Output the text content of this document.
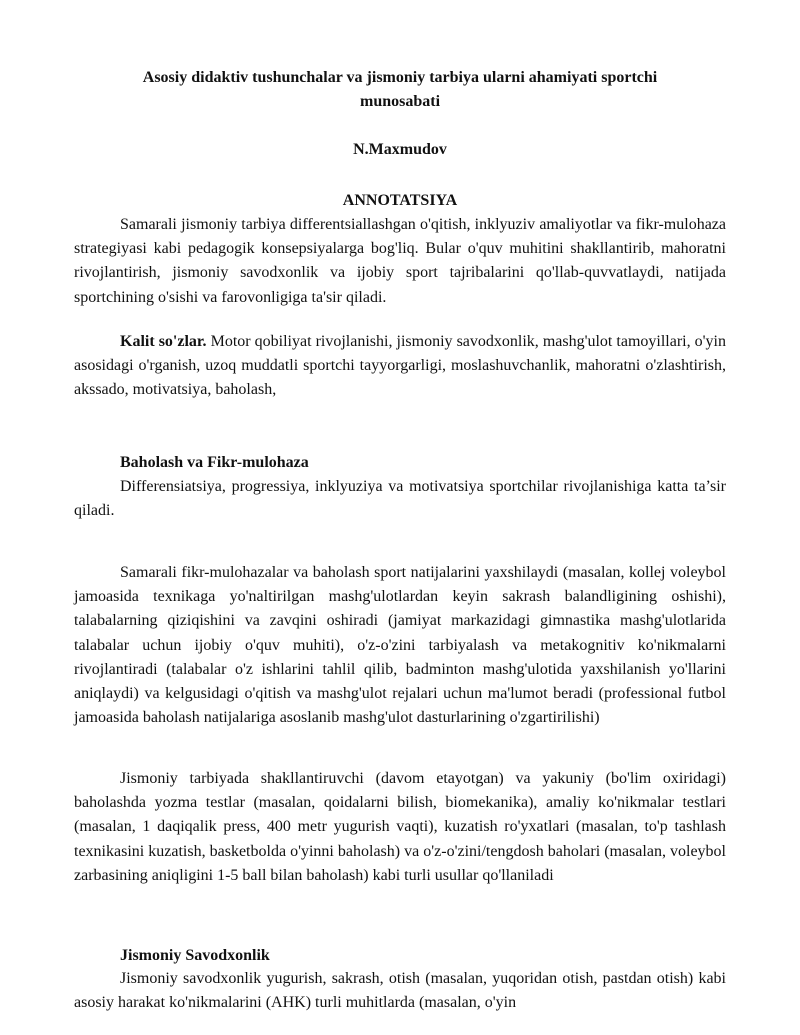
Asosiy didaktiv tushunchalar va jismoniy tarbiya ularni ahamiyati sportchi
munosabati
N.Maxmudov
ANNOTATSIYA

Samarali jismoniy tarbiya differentsiallashgan o'qitish, inklyuziv amaliyotlar va fikr-mulohaza strategiyasi kabi pedagogik konsepsiyalarga bog'liq. Bular o'quv muhitini shakllantirib, mahoratni rivojlantirish, jismoniy savodxonlik va ijobiy sport tajribalarini qo'llab-quvvatlaydi, natijada sportchining o'sishi va farovonligiga ta'sir qiladi.

Kalit so'zlar. Motor qobiliyat rivojlanishi, jismoniy savodxonlik, mashg'ulot tamoyillari, o'yin asosidagi o'rganish, uzoq muddatli sportchi tayyorgarligi, moslashuvchanlik, mahoratni o'zlashtirish, akssado, motivatsiya, baholash,

Baholash va Fikr-mulohaza

Differensiatsiya, progressiya, inklyuziya va motivatsiya sportchilar rivojlanishiga katta ta’sir qiladi.

Samarali fikr-mulohazalar va baholash sport natijalarini yaxshilaydi (masalan, kollej voleybol jamoasida texnikaga yo'naltirilgan mashg'ulotlardan keyin sakrash balandligining oshishi), talabalarning qiziqishini va zavqini oshiradi (jamiyat markazidagi gimnastika mashg'ulotlarida talabalar uchun ijobiy o'quv muhiti), o'z-o'zini tarbiyalash va metakognitiv ko'nikmalarni rivojlantiradi (talabalar o'z ishlarini tahlil qilib, badminton mashg'ulotida yaxshilanish yo'llarini aniqlaydi) va kelgusidagi o'qitish va mashg'ulot rejalari uchun ma'lumot beradi (professional futbol jamoasida baholash natijalariga asoslanib mashg'ulot dasturlarining o'zgartirilishi)

Jismoniy tarbiyada shakllantiruvchi (davom etayotgan) va yakuniy (bo'lim oxiridagi) baholashda yozma testlar (masalan, qoidalarni bilish, biomekanika), amaliy ko'nikmalar testlari (masalan, 1 daqiqalik press, 400 metr yugurish vaqti), kuzatish ro'yxatlari (masalan, to'p tashlash texnikasini kuzatish, basketbolda o'yinni baholash) va o'z-o'zini/tengdosh baholari (masalan, voleybol zarbasining aniqligini 1-5 ball bilan baholash) kabi turli usullar qo'llaniladi

Jismoniy Savodxonlik

Jismoniy savodxonlik yugurish, sakrash, otish (masalan, yuqoridan otish, pastdan otish) kabi asosiy harakat ko'nikmalarini (AHK) turli muhitlarda (masalan, o'yin
